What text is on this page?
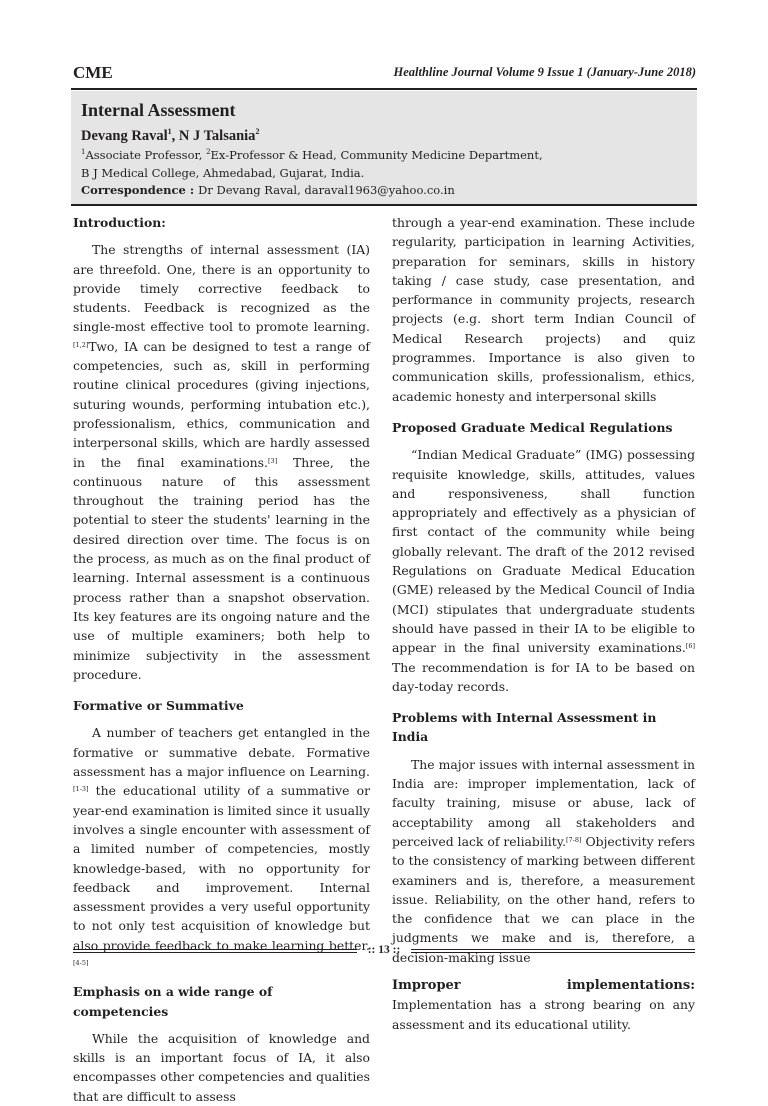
CME	Healthline Journal Volume 9 Issue 1 (January-June 2018)
Internal Assessment
Devang Raval$^1$, N J Talsania$^2$
$^1$Associate Professor, $^2$Ex-Professor & Head, Community Medicine Department,
B J Medical College, Ahmedabad, Gujarat, India.
Correspondence : Dr Devang Raval, daraval1963@yahoo.co.in
Introduction:

The strengths of internal assessment (IA) are threefold. One, there is an opportunity to provide timely corrective feedback to students. Feedback is recognized as the single-most effective tool to promote learning.[1,2]Two, IA can be designed to test a range of competencies, such as, skill in performing routine clinical procedures (giving injections, suturing wounds, performing intubation etc.), professionalism, ethics, communication and interpersonal skills, which are hardly assessed in the final examinations.[3] Three, the continuous nature of this assessment throughout the training period has the potential to steer the students' learning in the desired direction over time. The focus is on the process, as much as on the final product of learning. Internal assessment is a continuous process rather than a snapshot observation. Its key features are its ongoing nature and the use of multiple examiners; both help to minimize subjectivity in the assessment procedure.

Formative or Summative

A number of teachers get entangled in the formative or summative debate. Formative assessment has a major influence on Learning.[1-3] the educational utility of a summative or year-end examination is limited since it usually involves a single encounter with assessment of a limited number of competencies, mostly knowledge-based, with no opportunity for feedback and improvement. Internal assessment provides a very useful opportunity to not only test acquisition of knowledge but also provide feedback to make learning better.[4-5]

Emphasis on a wide range of competencies

While the acquisition of knowledge and skills is an important focus of IA, it also encompasses other competencies and qualities that are difficult to assess

through a year-end examination. These include regularity, participation in learning Activities, preparation for seminars, skills in history taking / case study, case presentation, and performance in community projects, research projects (e.g. short term Indian Council of Medical Research projects) and quiz programmes. Importance is also given to communication skills, professionalism, ethics, academic honesty and interpersonal skills

Proposed Graduate Medical Regulations

“Indian Medical Graduate” (IMG) possessing requisite knowledge, skills, attitudes, values and responsiveness, shall function appropriately and effectively as a physician of first contact of the community while being globally relevant. The draft of the 2012 revised Regulations on Graduate Medical Education (GME) released by the Medical Council of India (MCI) stipulates that undergraduate students should have passed in their IA to be eligible to appear in the final university examinations.[6] The recommendation is for IA to be based on day-today records.

Problems with Internal Assessment in India

The major issues with internal assessment in India are: improper implementation, lack of faculty training, misuse or abuse, lack of acceptability among all stakeholders and perceived lack of reliability.[7-8] Objectivity refers to the consistency of marking between different examiners and is, therefore, a measurement issue. Reliability, on the other hand, refers to the confidence that we can place in the judgments we make and is, therefore, a decision-making issue

Improper implementations: Implementation has a strong bearing on any assessment and its educational utility.

:: 13 ::
